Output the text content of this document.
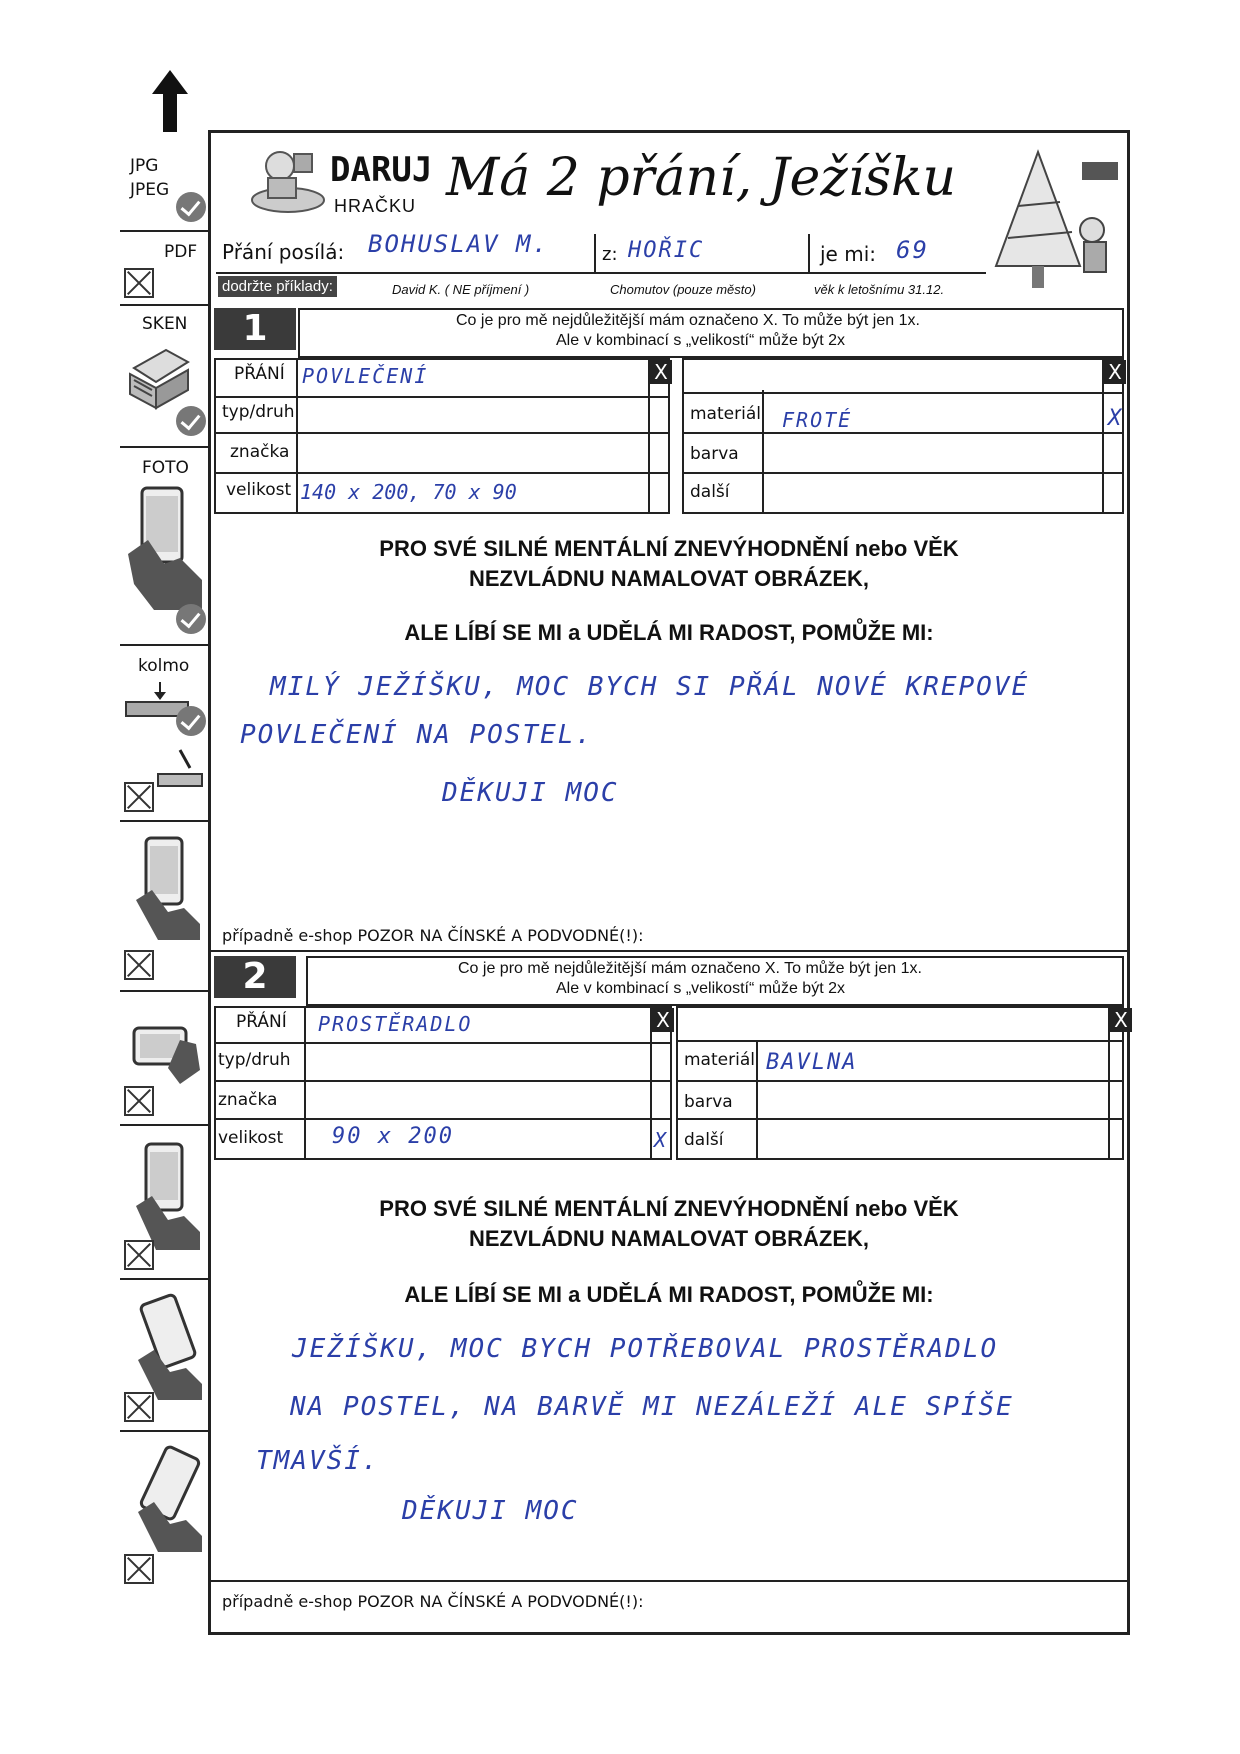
JPG
JPEG
PDF
SKEN
FOTO
kolmo
DARUJ
HRAČKU Má 2 přání, Ježíšku
Přání posílá: BOHUSLAV M.	z: HOŘIC	je mi: 69
dodržte příklady:	David K. ( NE příjmení )	Chomutov (pouze město)	věk k letošnímu 31.12.
1	Co je pro mě nejdůležitější mám označeno X. To může být jen 1x.
Ale v kombinací s „velikostí“ může být 2x
PŘÁNÍ POVLEČENÍ	X	X
typ/druh
značka
velikost 140 x 200, 70 x 90
materiál FROTÉ	X
barva
další
PRO SVÉ SILNÉ MENTÁLNÍ ZNEVÝHODNĚNÍ nebo VĚK
NEZVLÁDNU NAMALOVAT OBRÁZEK,
ALE LÍBÍ SE MI a UDĚLÁ MI RADOST, POMŮŽE MI:
MILÝ JEŽÍŠKU, MOC BYCH SI PŘÁL NOVÉ KREPOVÉ
POVLEČENÍ NA POSTEL.
DĚKUJI MOC
případně e-shop POZOR NA ČÍNSKÉ A PODVODNÉ(!):
2	Co je pro mě nejdůležitější mám označeno X. To může být jen 1x.
Ale v kombinací s „velikostí“ může být 2x
PŘÁNÍ PROSTĚRADLO	X	X
typ/druh
značka
velikost 90 x 200	X
materiál BAVLNA
barva
další
PRO SVÉ SILNÉ MENTÁLNÍ ZNEVÝHODNĚNÍ nebo VĚK
NEZVLÁDNU NAMALOVAT OBRÁZEK,
ALE LÍBÍ SE MI a UDĚLÁ MI RADOST, POMŮŽE MI:
JEŽÍŠKU, MOC BYCH POTŘEBOVAL PROSTĚRADLO
NA POSTEL, NA BARVĚ MI NEZÁLEŽÍ ALE SPÍŠE
TMAVŠÍ.
DĚKUJI MOC
případně e-shop POZOR NA ČÍNSKÉ A PODVODNÉ(!):
